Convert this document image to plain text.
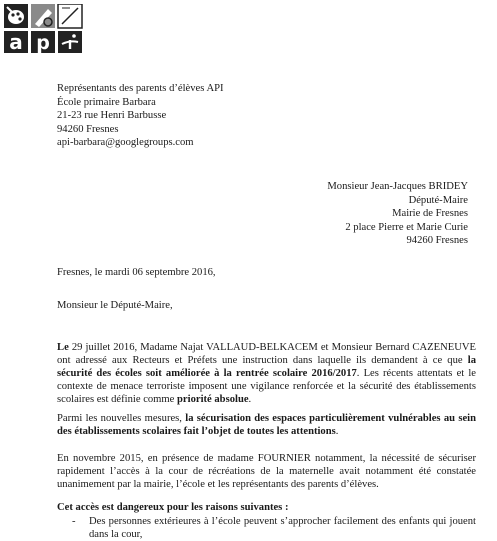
a p
Représentants des parents d’élèves API
École primaire Barbara
21-23 rue Henri Barbusse
94260 Fresnes
api-barbara@googlegroups.com
Monsieur Jean-Jacques BRIDEY
Député-Maire
Mairie de Fresnes
2 place Pierre et Marie Curie
94260 Fresnes
Fresnes, le mardi 06 septembre 2016,
Monsieur le Député-Maire,
Le 29 juillet 2016, Madame Najat VALLAUD-BELKACEM et Monsieur Bernard CAZENEUVE ont adressé aux Recteurs et Préfets une instruction dans laquelle ils demandent à ce que la sécurité des écoles soit améliorée à la rentrée scolaire 2016/2017. Les récents attentats et le contexte de menace terroriste imposent une vigilance renforcée et la sécurité des établissements scolaires est définie comme priorité absolue.
Parmi les nouvelles mesures, la sécurisation des espaces particulièrement vulnérables au sein des établissements scolaires fait l’objet de toutes les attentions.
En novembre 2015, en présence de madame FOURNIER notamment, la nécessité de sécuriser rapidement l’accès à la cour de récréations de la maternelle avait notamment été constatée unanimement par la mairie, l’école et les représentants des parents d’élèves.
Cet accès est dangereux pour les raisons suivantes :
- Des personnes extérieures à l’école peuvent s’approcher facilement des enfants qui jouent dans la cour,
